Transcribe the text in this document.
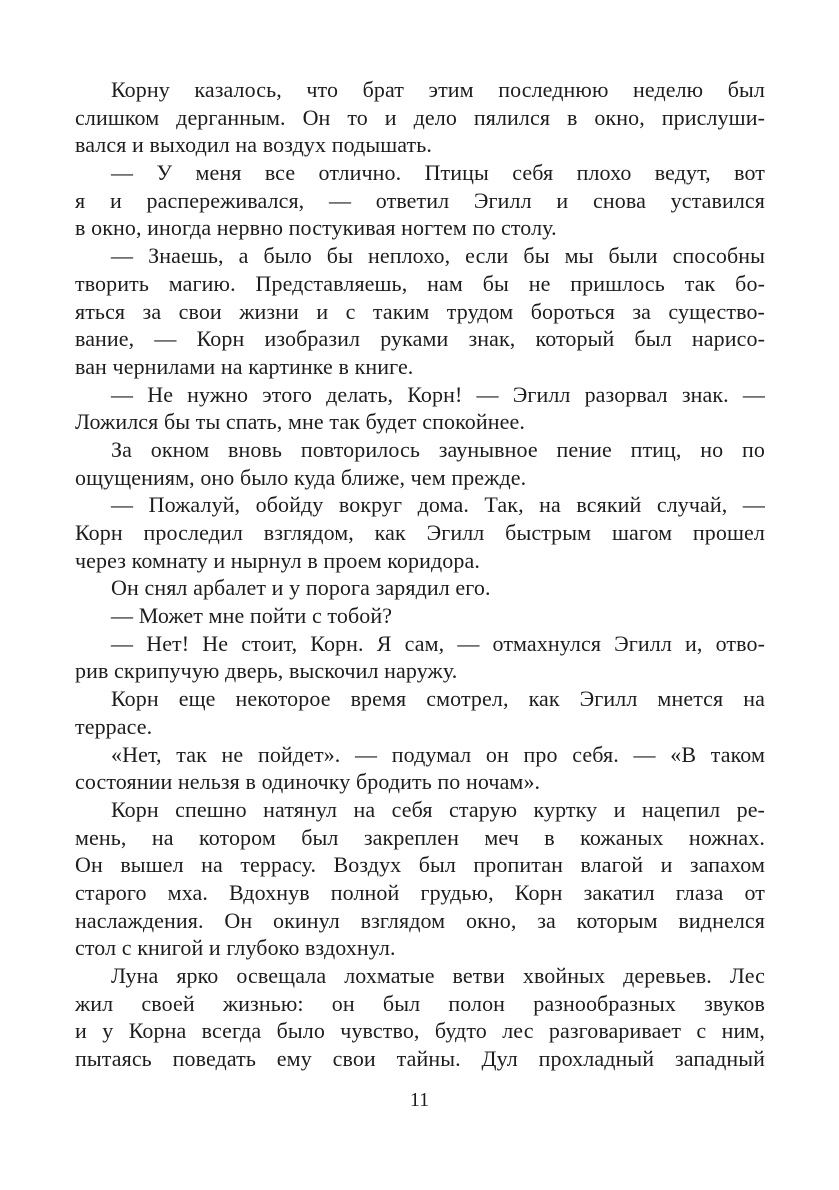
Корну казалось, что брат этим последнюю неделю был
слишком дерганным. Он то и дело пялился в окно, прислуши-
вался и выходил на воздух подышать.
— У меня все отлично. Птицы себя плохо ведут, вот
я и распереживался, — ответил Эгилл и снова уставился
в окно, иногда нервно постукивая ногтем по столу.
— Знаешь, а было бы неплохо, если бы мы были способны
творить магию. Представляешь, нам бы не пришлось так бо-
яться за свои жизни и с таким трудом бороться за существо-
вание, — Корн изобразил руками знак, который был нарисо-
ван чернилами на картинке в книге.
— Не нужно этого делать, Корн! — Эгилл разорвал знак. —
Ложился бы ты спать, мне так будет спокойнее.
За окном вновь повторилось заунывное пение птиц, но по
ощущениям, оно было куда ближе, чем прежде.
— Пожалуй, обойду вокруг дома. Так, на всякий случай, —
Корн проследил взглядом, как Эгилл быстрым шагом прошел
через комнату и нырнул в проем коридора.
Он снял арбалет и у порога зарядил его.
— Может мне пойти с тобой?
— Нет! Не стоит, Корн. Я сам, — отмахнулся Эгилл и, отво-
рив скрипучую дверь, выскочил наружу.
Корн еще некоторое время смотрел, как Эгилл мнется на
террасе.
«Нет, так не пойдет». — подумал он про себя. — «В таком
состоянии нельзя в одиночку бродить по ночам».
Корн спешно натянул на себя старую куртку и нацепил ре-
мень, на котором был закреплен меч в кожаных ножнах.
Он вышел на террасу. Воздух был пропитан влагой и запахом
старого мха. Вдохнув полной грудью, Корн закатил глаза от
наслаждения. Он окинул взглядом окно, за которым виднелся
стол с книгой и глубоко вздохнул.
Луна ярко освещала лохматые ветви хвойных деревьев. Лес
жил своей жизнью: он был полон разнообразных звуков
и у Корна всегда было чувство, будто лес разговаривает с ним,
пытаясь поведать ему свои тайны. Дул прохладный западный
11
